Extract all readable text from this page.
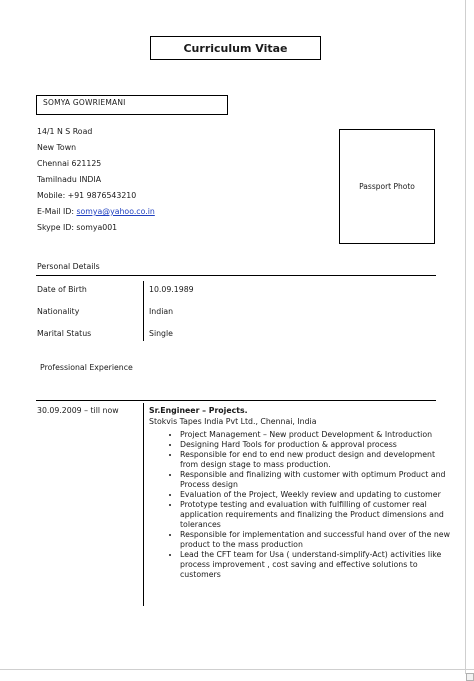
Curriculum Vitae
SOMYA GOWRIEMANI
14/1 N S Road
New Town
Chennai 621125
Tamilnadu INDIA
Mobile: +91 9876543210
E-Mail ID: somya@yahoo.co.in
Skype ID: somya001
Passport Photo
Personal Details
Date of Birth	10.09.1989
Nationality	Indian
Marital Status	Single
Professional Experience
30.09.2009 – till now	Sr.Engineer – Projects.
Stokvis Tapes India Pvt Ltd., Chennai, India
• Project Management – New product Development & Introduction
• Designing Hard Tools for production & approval process
• Responsible for end to end new product design and development from design stage to mass production.
• Responsible and finalizing with customer with optimum Product and Process design
• Evaluation of the Project, Weekly review and updating to customer
• Prototype testing and evaluation with fulfilling of customer real application requirements and finalizing the Product dimensions and tolerances
• Responsible for implementation and successful hand over of the new product to the mass production
• Lead the CFT team for Usa ( understand-simplify-Act) activities like process improvement , cost saving and effective solutions to customers
